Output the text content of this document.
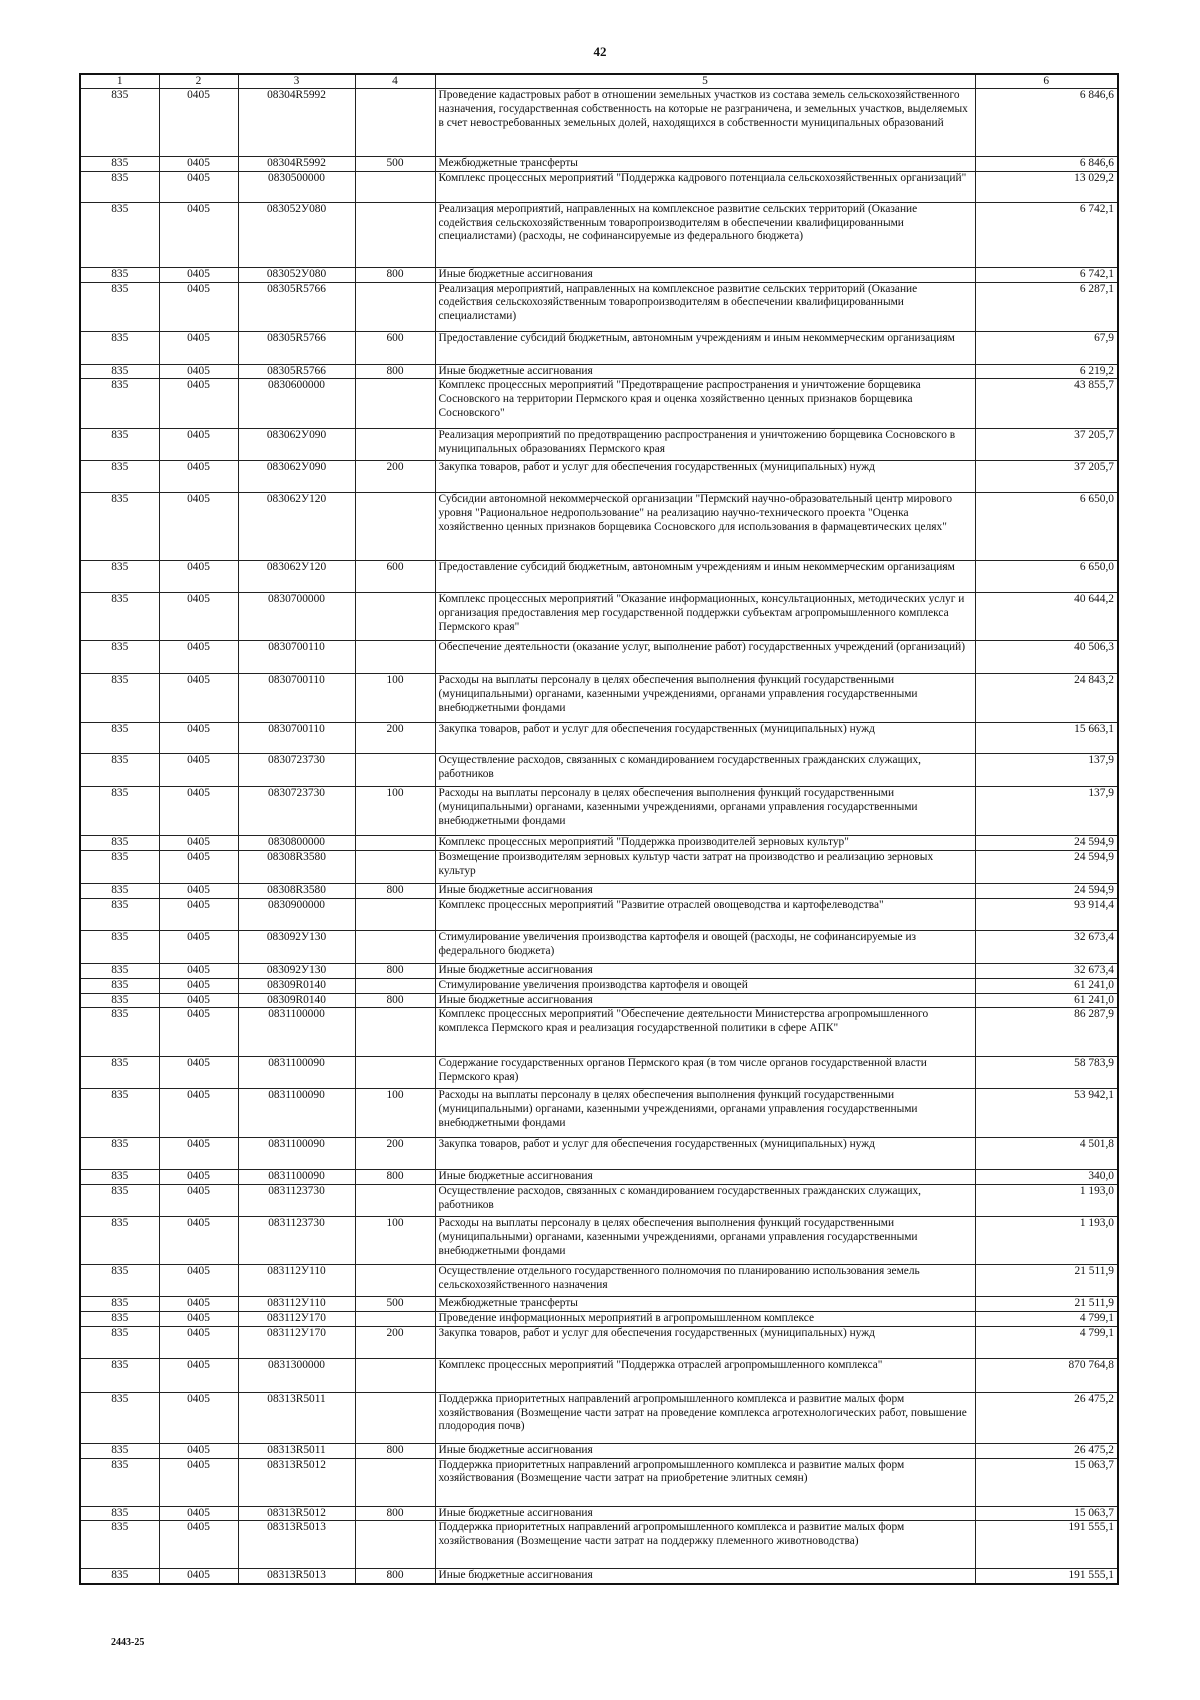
42
1	2	3	4	5	6
835	0405	08304R5992		Проведение кадастровых работ в отношении земельных участков из состава земель сельскохозяйственного назначения, государственная собственность на которые не разграничена, и земельных участков, выделяемых в счет невостребованных земельных долей, находящихся в собственности муниципальных образований	6 846,6
835	0405	08304R5992	500	Межбюджетные трансферты	6 846,6
835	0405	0830500000		Комплекс процессных мероприятий "Поддержка кадрового потенциала сельскохозяйственных организаций"	13 029,2
835	0405	083052У080		Реализация мероприятий, направленных на комплексное развитие сельских территорий (Оказание содействия сельскохозяйственным товаропроизводителям в обеспечении квалифицированными специалистами) (расходы, не софинансируемые из федерального бюджета)	6 742,1
835	0405	083052У080	800	Иные бюджетные ассигнования	6 742,1
835	0405	08305R5766		Реализация мероприятий, направленных на комплексное развитие сельских территорий (Оказание содействия сельскохозяйственным товаропроизводителям в обеспечении квалифицированными специалистами)	6 287,1
835	0405	08305R5766	600	Предоставление субсидий бюджетным, автономным учреждениям и иным некоммерческим организациям	67,9
835	0405	08305R5766	800	Иные бюджетные ассигнования	6 219,2
835	0405	0830600000		Комплекс процессных мероприятий "Предотвращение распространения и уничтожение борщевика Сосновского на территории Пермского края и оценка хозяйственно ценных признаков борщевика Сосновского"	43 855,7
835	0405	083062У090		Реализация мероприятий по предотвращению распространения и уничтожению борщевика Сосновского в муниципальных образованиях Пермского края	37 205,7
835	0405	083062У090	200	Закупка товаров, работ и услуг для обеспечения государственных (муниципальных) нужд	37 205,7
835	0405	083062У120		Субсидии автономной некоммерческой организации "Пермский научно-образовательный центр мирового уровня "Рациональное недропользование" на реализацию научно-технического проекта "Оценка хозяйственно ценных признаков борщевика Сосновского для использования в фармацевтических целях"	6 650,0
835	0405	083062У120	600	Предоставление субсидий бюджетным, автономным учреждениям и иным некоммерческим организациям	6 650,0
835	0405	0830700000		Комплекс процессных мероприятий "Оказание информационных, консультационных, методических услуг и организация предоставления мер государственной поддержки субъектам агропромышленного комплекса Пермского края"	40 644,2
835	0405	0830700110		Обеспечение деятельности (оказание услуг, выполнение работ) государственных учреждений (организаций)	40 506,3
835	0405	0830700110	100	Расходы на выплаты персоналу в целях обеспечения выполнения функций государственными (муниципальными) органами, казенными учреждениями, органами управления государственными внебюджетными фондами	24 843,2
835	0405	0830700110	200	Закупка товаров, работ и услуг для обеспечения государственных (муниципальных) нужд	15 663,1
835	0405	0830723730		Осуществление расходов, связанных с командированием государственных гражданских служащих, работников	137,9
835	0405	0830723730	100	Расходы на выплаты персоналу в целях обеспечения выполнения функций государственными (муниципальными) органами, казенными учреждениями, органами управления государственными внебюджетными фондами	137,9
835	0405	0830800000		Комплекс процессных мероприятий "Поддержка производителей зерновых культур"	24 594,9
835	0405	08308R3580		Возмещение производителям зерновых культур части затрат на производство и реализацию зерновых культур	24 594,9
835	0405	08308R3580	800	Иные бюджетные ассигнования	24 594,9
835	0405	0830900000		Комплекс процессных мероприятий "Развитие отраслей овощеводства и картофелеводства"	93 914,4
835	0405	083092У130		Стимулирование увеличения производства картофеля и овощей (расходы, не софинансируемые из федерального бюджета)	32 673,4
835	0405	083092У130	800	Иные бюджетные ассигнования	32 673,4
835	0405	08309R0140		Стимулирование увеличения производства картофеля и овощей	61 241,0
835	0405	08309R0140	800	Иные бюджетные ассигнования	61 241,0
835	0405	0831100000		Комплекс процессных мероприятий "Обеспечение деятельности Министерства агропромышленного комплекса Пермского края и реализация государственной политики в сфере АПК"	86 287,9
835	0405	0831100090		Содержание государственных органов Пермского края (в том числе органов государственной власти Пермского края)	58 783,9
835	0405	0831100090	100	Расходы на выплаты персоналу в целях обеспечения выполнения функций государственными (муниципальными) органами, казенными учреждениями, органами управления государственными внебюджетными фондами	53 942,1
835	0405	0831100090	200	Закупка товаров, работ и услуг для обеспечения государственных (муниципальных) нужд	4 501,8
835	0405	0831100090	800	Иные бюджетные ассигнования	340,0
835	0405	0831123730		Осуществление расходов, связанных с командированием государственных гражданских служащих, работников	1 193,0
835	0405	0831123730	100	Расходы на выплаты персоналу в целях обеспечения выполнения функций государственными (муниципальными) органами, казенными учреждениями, органами управления государственными внебюджетными фондами	1 193,0
835	0405	083112У110		Осуществление отдельного государственного полномочия по планированию использования земель сельскохозяйственного назначения	21 511,9
835	0405	083112У110	500	Межбюджетные трансферты	21 511,9
835	0405	083112У170		Проведение информационных мероприятий в агропромышленном комплексе	4 799,1
835	0405	083112У170	200	Закупка товаров, работ и услуг для обеспечения государственных (муниципальных) нужд	4 799,1
835	0405	0831300000		Комплекс процессных мероприятий "Поддержка отраслей агропромышленного комплекса"	870 764,8
835	0405	08313R5011		Поддержка приоритетных направлений агропромышленного комплекса и развитие малых форм хозяйствования (Возмещение части затрат на проведение комплекса агротехнологических работ, повышение плодородия почв)	26 475,2
835	0405	08313R5011	800	Иные бюджетные ассигнования	26 475,2
835	0405	08313R5012		Поддержка приоритетных направлений агропромышленного комплекса и развитие малых форм хозяйствования (Возмещение части затрат на приобретение элитных семян)	15 063,7
835	0405	08313R5012	800	Иные бюджетные ассигнования	15 063,7
835	0405	08313R5013		Поддержка приоритетных направлений агропромышленного комплекса и развитие малых форм хозяйствования (Возмещение части затрат на поддержку племенного животноводства)	191 555,1
835	0405	08313R5013	800	Иные бюджетные ассигнования	191 555,1
2443-25
